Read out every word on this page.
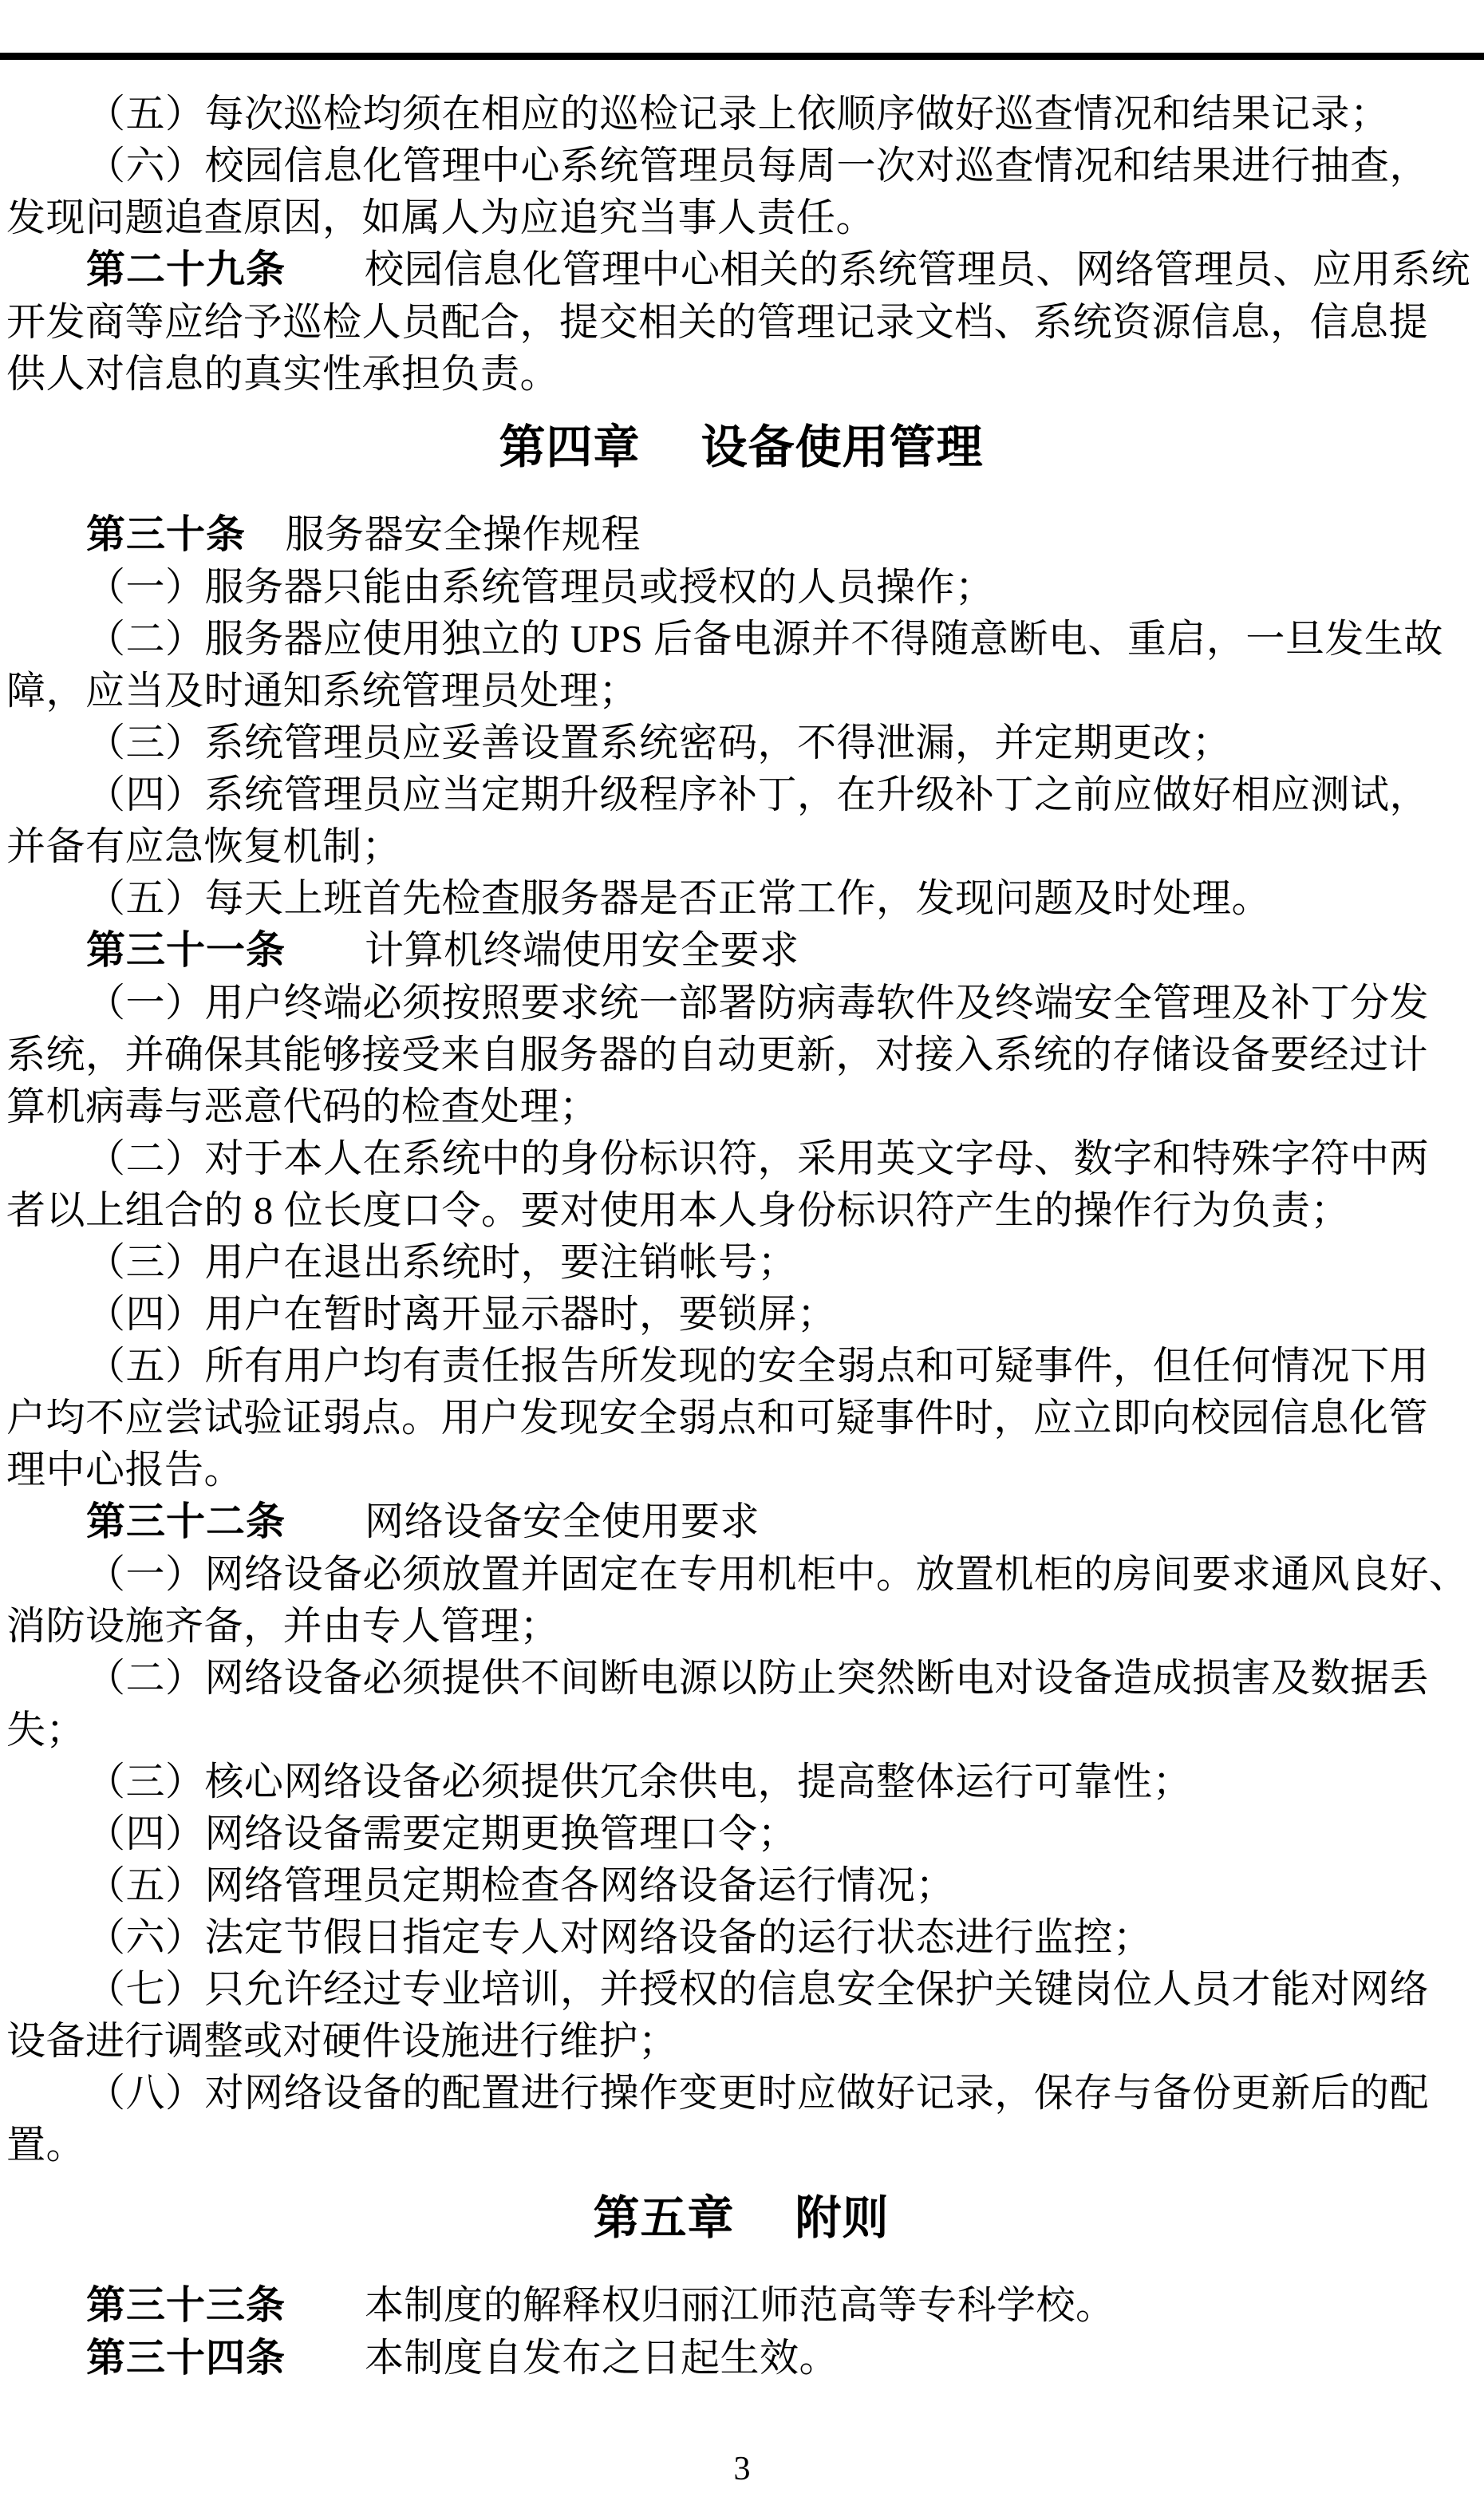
（五）每次巡检均须在相应的巡检记录上依顺序做好巡查情况和结果记录；
（六）校园信息化管理中心系统管理员每周一次对巡查情况和结果进行抽查，
发现问题追查原因，如属人为应追究当事人责任。
第二十九条　　校园信息化管理中心相关的系统管理员、网络管理员、应用系统
开发商等应给予巡检人员配合，提交相关的管理记录文档、系统资源信息，信息提
供人对信息的真实性承担负责。
第四章　 设备使用管理
第三十条　服务器安全操作规程
（一）服务器只能由系统管理员或授权的人员操作；
（二）服务器应使用独立的 UPS 后备电源并不得随意断电、重启，一旦发生故
障，应当及时通知系统管理员处理；
（三）系统管理员应妥善设置系统密码，不得泄漏，并定期更改；
（四）系统管理员应当定期升级程序补丁，在升级补丁之前应做好相应测试，
并备有应急恢复机制；
（五）每天上班首先检查服务器是否正常工作，发现问题及时处理。
第三十一条　　计算机终端使用安全要求
（一）用户终端必须按照要求统一部署防病毒软件及终端安全管理及补丁分发
系统，并确保其能够接受来自服务器的自动更新，对接入系统的存储设备要经过计
算机病毒与恶意代码的检查处理；
（二）对于本人在系统中的身份标识符，采用英文字母、数字和特殊字符中两
者以上组合的 8 位长度口令。要对使用本人身份标识符产生的操作行为负责；
（三）用户在退出系统时，要注销帐号；
（四）用户在暂时离开显示器时，要锁屏；
（五）所有用户均有责任报告所发现的安全弱点和可疑事件，但任何情况下用
户均不应尝试验证弱点。用户发现安全弱点和可疑事件时，应立即向校园信息化管
理中心报告。
第三十二条　　网络设备安全使用要求
（一）网络设备必须放置并固定在专用机柜中。放置机柜的房间要求通风良好、
消防设施齐备，并由专人管理；
（二）网络设备必须提供不间断电源以防止突然断电对设备造成损害及数据丢
失；
（三）核心网络设备必须提供冗余供电，提高整体运行可靠性；
（四）网络设备需要定期更换管理口令；
（五）网络管理员定期检查各网络设备运行情况；
（六）法定节假日指定专人对网络设备的运行状态进行监控；
（七）只允许经过专业培训，并授权的信息安全保护关键岗位人员才能对网络
设备进行调整或对硬件设施进行维护；
（八）对网络设备的配置进行操作变更时应做好记录，保存与备份更新后的配
置。
第五章　 附则
第三十三条　　本制度的解释权归丽江师范高等专科学校。
第三十四条　　本制度自发布之日起生效。
3
